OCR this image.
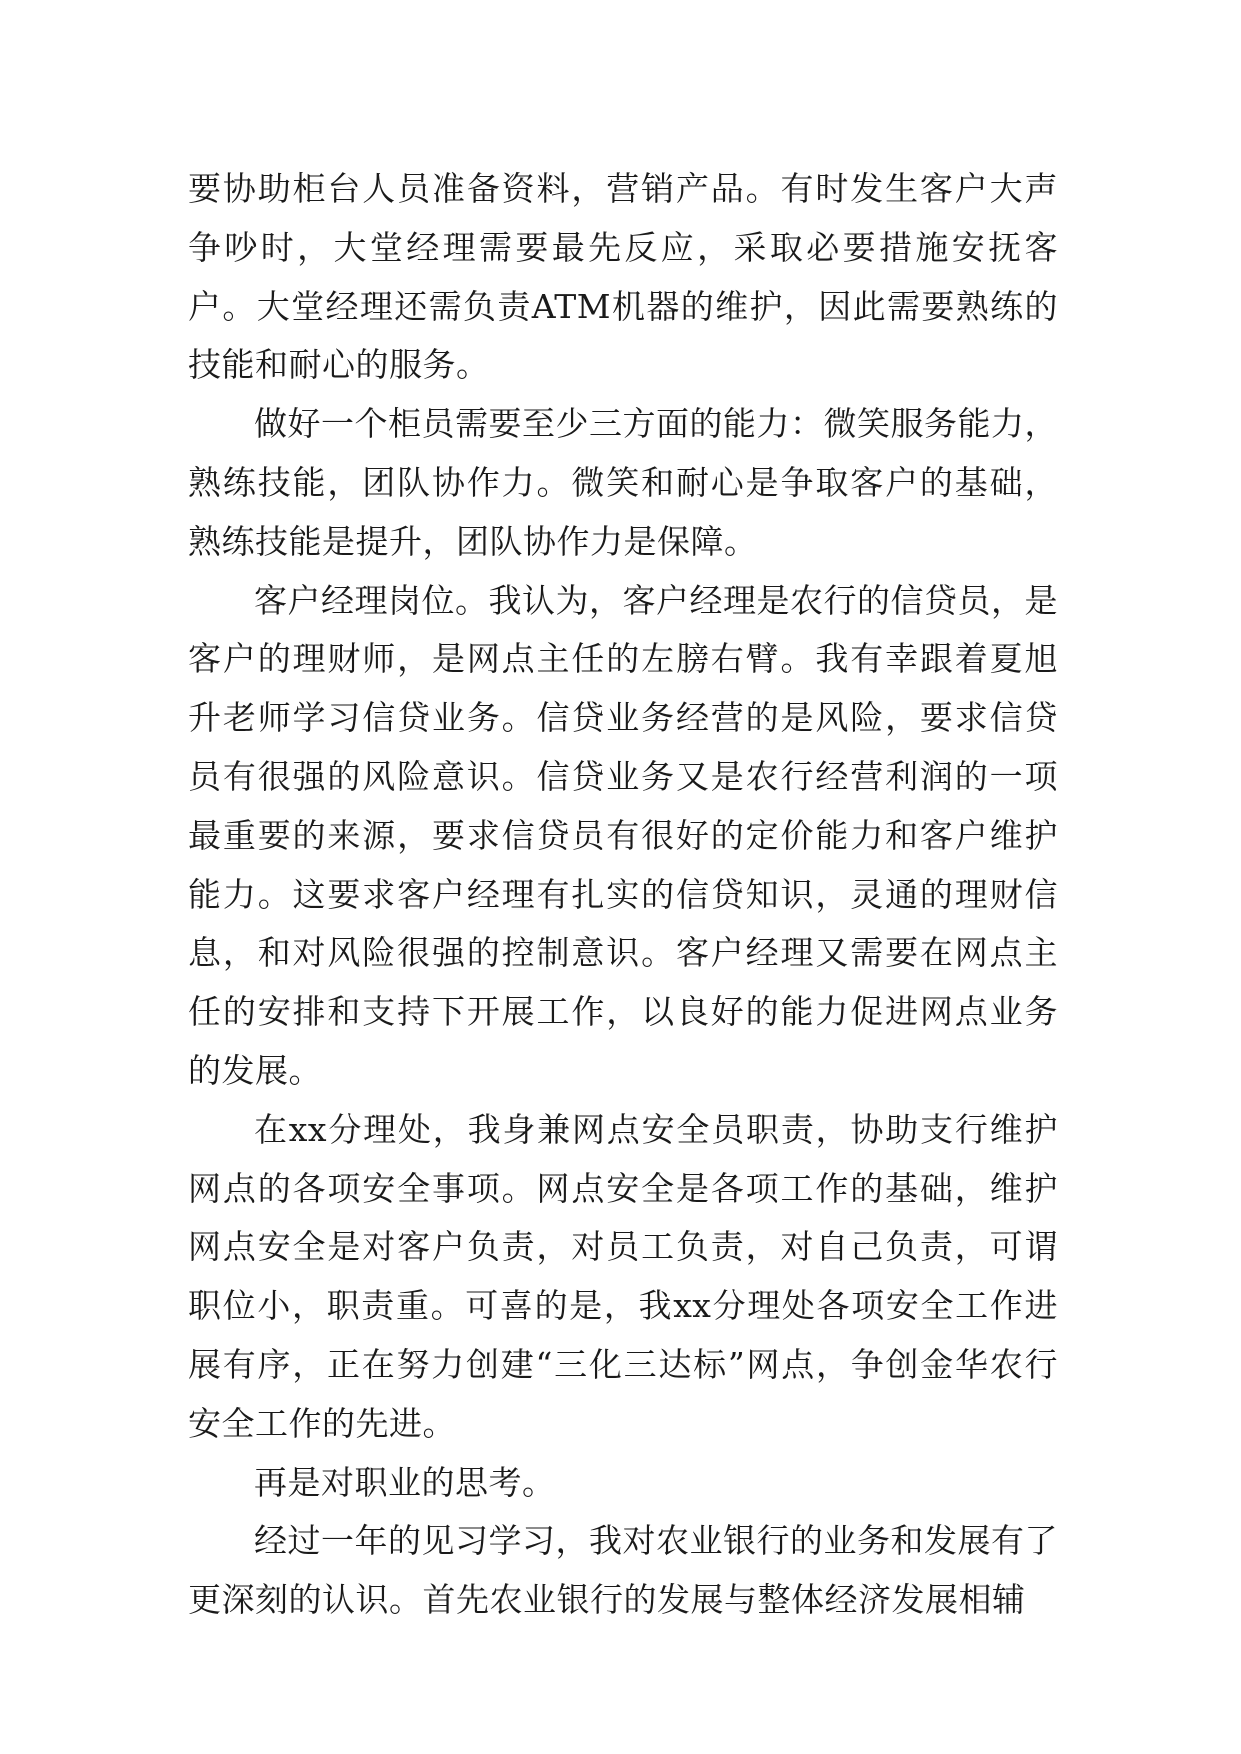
要协助柜台人员准备资料，营销产品。有时发生客户大声争吵时，大堂经理需要最先反应，采取必要措施安抚客户。大堂经理还需负责ATM机器的维护，因此需要熟练的技能和耐心的服务。

做好一个柜员需要至少三方面的能力：微笑服务能力，熟练技能，团队协作力。微笑和耐心是争取客户的基础，熟练技能是提升，团队协作力是保障。

客户经理岗位。我认为，客户经理是农行的信贷员，是客户的理财师，是网点主任的左膀右臂。我有幸跟着夏旭升老师学习信贷业务。信贷业务经营的是风险，要求信贷员有很强的风险意识。信贷业务又是农行经营利润的一项最重要的来源，要求信贷员有很好的定价能力和客户维护能力。这要求客户经理有扎实的信贷知识，灵通的理财信息，和对风险很强的控制意识。客户经理又需要在网点主任的安排和支持下开展工作，以良好的能力促进网点业务的发展。

在xx分理处，我身兼网点安全员职责，协助支行维护网点的各项安全事项。网点安全是各项工作的基础，维护网点安全是对客户负责，对员工负责，对自己负责，可谓职位小，职责重。可喜的是，我xx分理处各项安全工作进展有序，正在努力创建“三化三达标”网点，争创金华农行安全工作的先进。

再是对职业的思考。

经过一年的见习学习，我对农业银行的业务和发展有了更深刻的认识。首先农业银行的发展与整体经济发展相辅
